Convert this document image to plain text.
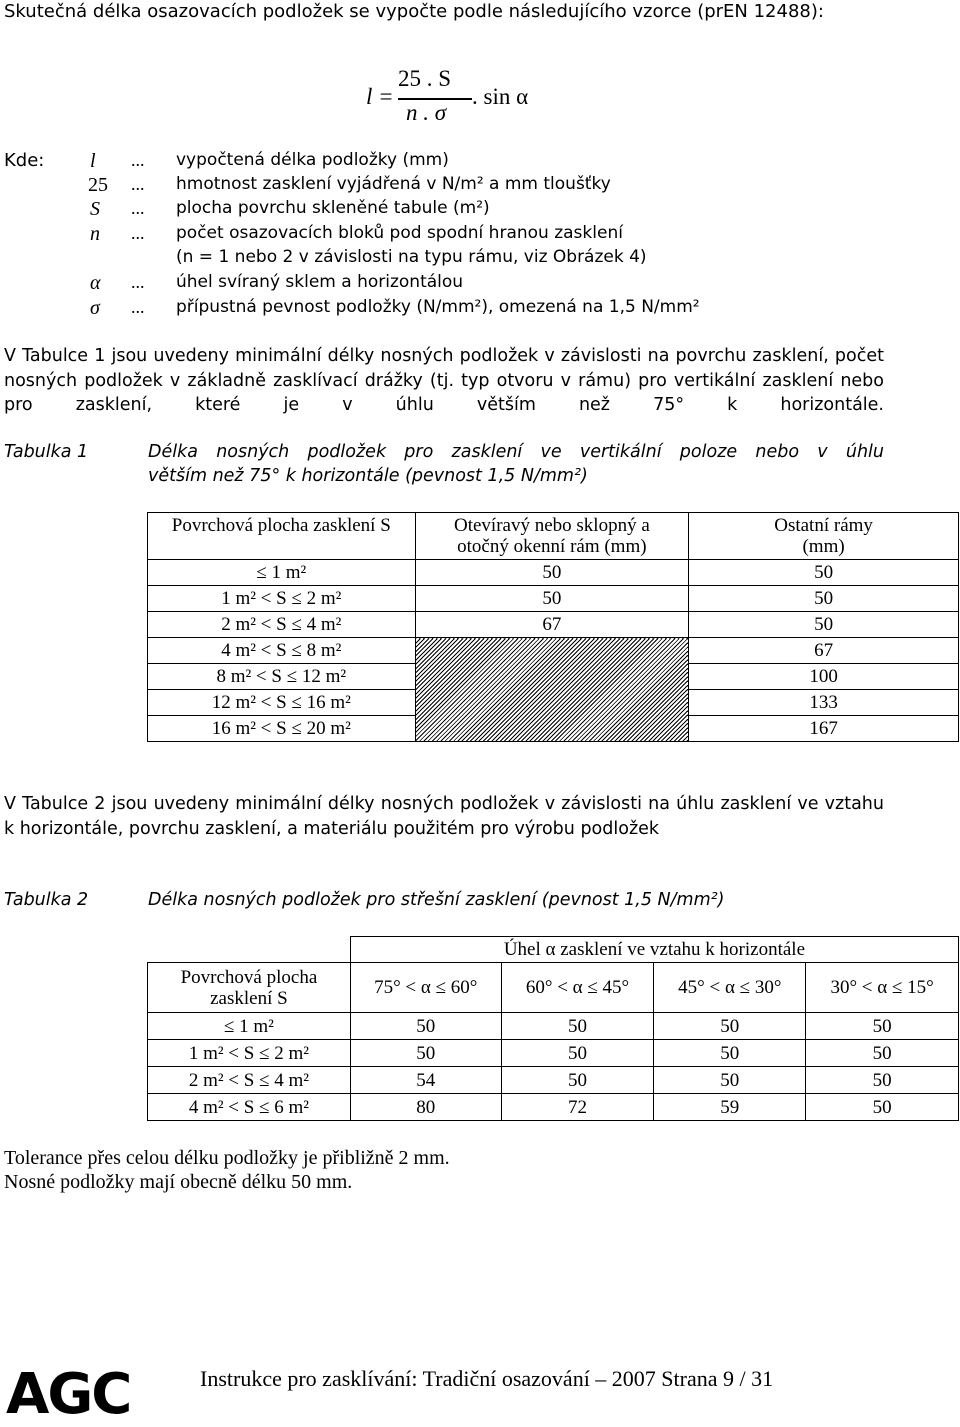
Skutečná délka osazovacích podložek se vypočte podle následujícího vzorce (prEN 12488):
l =
25 . S
n . σ
. sin α
Kde: l ... vypočtená délka podložky (mm)
25 ... hmotnost zasklení vyjádřená v N/m² a mm tloušťky
S ... plocha povrchu skleněné tabule (m²)
n ... počet osazovacích bloků pod spodní hranou zasklení
(n = 1 nebo 2 v závislosti na typu rámu, viz Obrázek 4)
α ... úhel svíraný sklem a horizontálou
σ ... přípustná pevnost podložky (N/mm²), omezená na 1,5 N/mm²
V Tabulce 1 jsou uvedeny minimální délky nosných podložek v závislosti na povrchu zasklení, počet nosných podložek v základně zasklívací drážky (tj. typ otvoru v rámu) pro vertikální zasklení nebo pro zasklení, které je v úhlu větším než 75° k horizontále.
Tabulka 1	Délka nosných podložek pro zasklení ve vertikální poloze nebo v úhlu
větším než 75° k horizontále (pevnost 1,5 N/mm²)
Povrchová plocha zasklení S	Otevíravý nebo sklopný a otočný okenní rám (mm)	Ostatní rámy (mm)
≤ 1 m²	50	50
1 m² < S ≤ 2 m²	50	50
2 m² < S ≤ 4 m²	67	50
4 m² < S ≤ 8 m²		67
8 m² < S ≤ 12 m²		100
12 m² < S ≤ 16 m²		133
16 m² < S ≤ 20 m²		167
V Tabulce 2 jsou uvedeny minimální délky nosných podložek v závislosti na úhlu zasklení ve vztahu k horizontále, povrchu zasklení, a materiálu použitém pro výrobu podložek
Tabulka 2	Délka nosných podložek pro střešní zasklení (pevnost 1,5 N/mm²)
	Úhel α zasklení ve vztahu k horizontále			
Povrchová plocha zasklení S	75° < α ≤ 60°	60° < α ≤ 45°	45° < α ≤ 30°	30° < α ≤ 15°
≤ 1 m²	50	50	50	50
1 m² < S ≤ 2 m²	50	50	50	50
2 m² < S ≤ 4 m²	54	50	50	50
4 m² < S ≤ 6 m²	80	72	59	50
Tolerance přes celou délku podložky je přibližně 2 mm.
Nosné podložky mají obecně délku 50 mm.
AGC	Instrukce pro zasklívání: Tradiční osazování – 2007 Strana 9 / 31
